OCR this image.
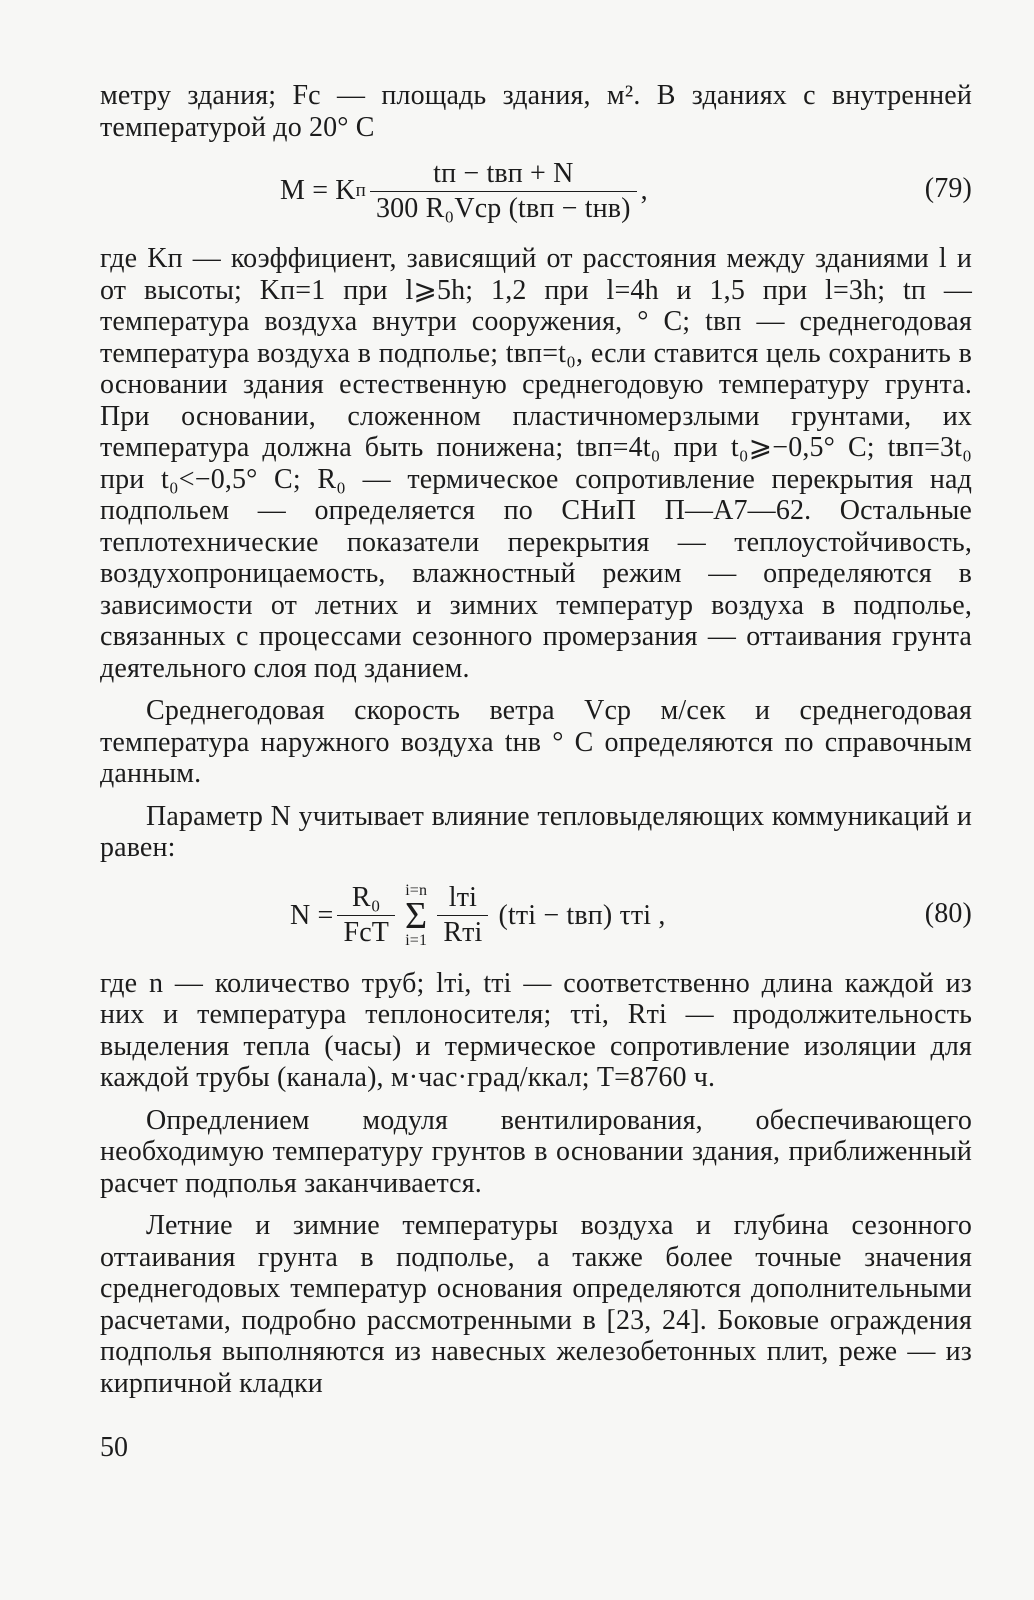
метру здания; Fс — площадь здания, м². В зданиях с внутренней температурой до 20° С

M = K п $\frac{\text{tп − tвп + N}}{\text{300 R₀Vср (tвп − tнв)}}$ ,	(79)

где Kп — коэффициент, зависящий от расстояния между зданиями l и от высоты; Kп=1 при l⩾5h; 1,2 при l=4h и 1,5 при l=3h; tп — температура воздуха внутри сооружения, ° С; tвп — среднегодовая температура воздуха в подполье; tвп=t₀, если ставится цель сохранить в основании здания естественную среднегодовую температуру грунта. При основании, сложенном пластичномерзлыми грунтами, их температура должна быть понижена; tвп=4t₀ при t₀⩾−0,5° С; tвп=3t₀ при t₀<−0,5° С; R₀ — термическое сопротивление перекрытия над подпольем — определяется по СНиП П—А7—62. Остальные теплотехнические показатели перекрытия — теплоустойчивость, воздухопроницаемость, влажностный режим — определяются в зависимости от летних и зимних температур воздуха в подполье, связанных с процессами сезонного промерзания — оттаивания грунта деятельного слоя под зданием.

Среднегодовая скорость ветра Vср м/сек и среднегодовая температура наружного воздуха tнв ° С определяются по справочным данным.

Параметр N учитывает влияние тепловыделяющих коммуникаций и равен:

$N = \frac{\text{R₀}}{\text{FсT}} i=n$
Σ
$i=1 \frac{\text{lтi}}{\text{Rтi}} (tтi - tвп)$ τтi ,	(80)

где n — количество труб; lтi, tтi — соответственно длина каждой из них и температура теплоносителя; τтi, Rтi — продолжительность выделения тепла (часы) и термическое сопротивление изоляции для каждой трубы (канала), м·час·град/ккал; T=8760 ч.

Опредлением модуля вентилирования, обеспечивающего необходимую температуру грунтов в основании здания, приближенный расчет подполья заканчивается.

Летние и зимние температуры воздуха и глубина сезонного оттаивания грунта в подполье, а также более точные значения среднегодовых температур основания определяются дополнительными расчетами, подробно рассмотренными в [23, 24]. Боковые ограждения подполья выполняются из навесных железобетонных плит, реже — из кирпичной кладки

50
